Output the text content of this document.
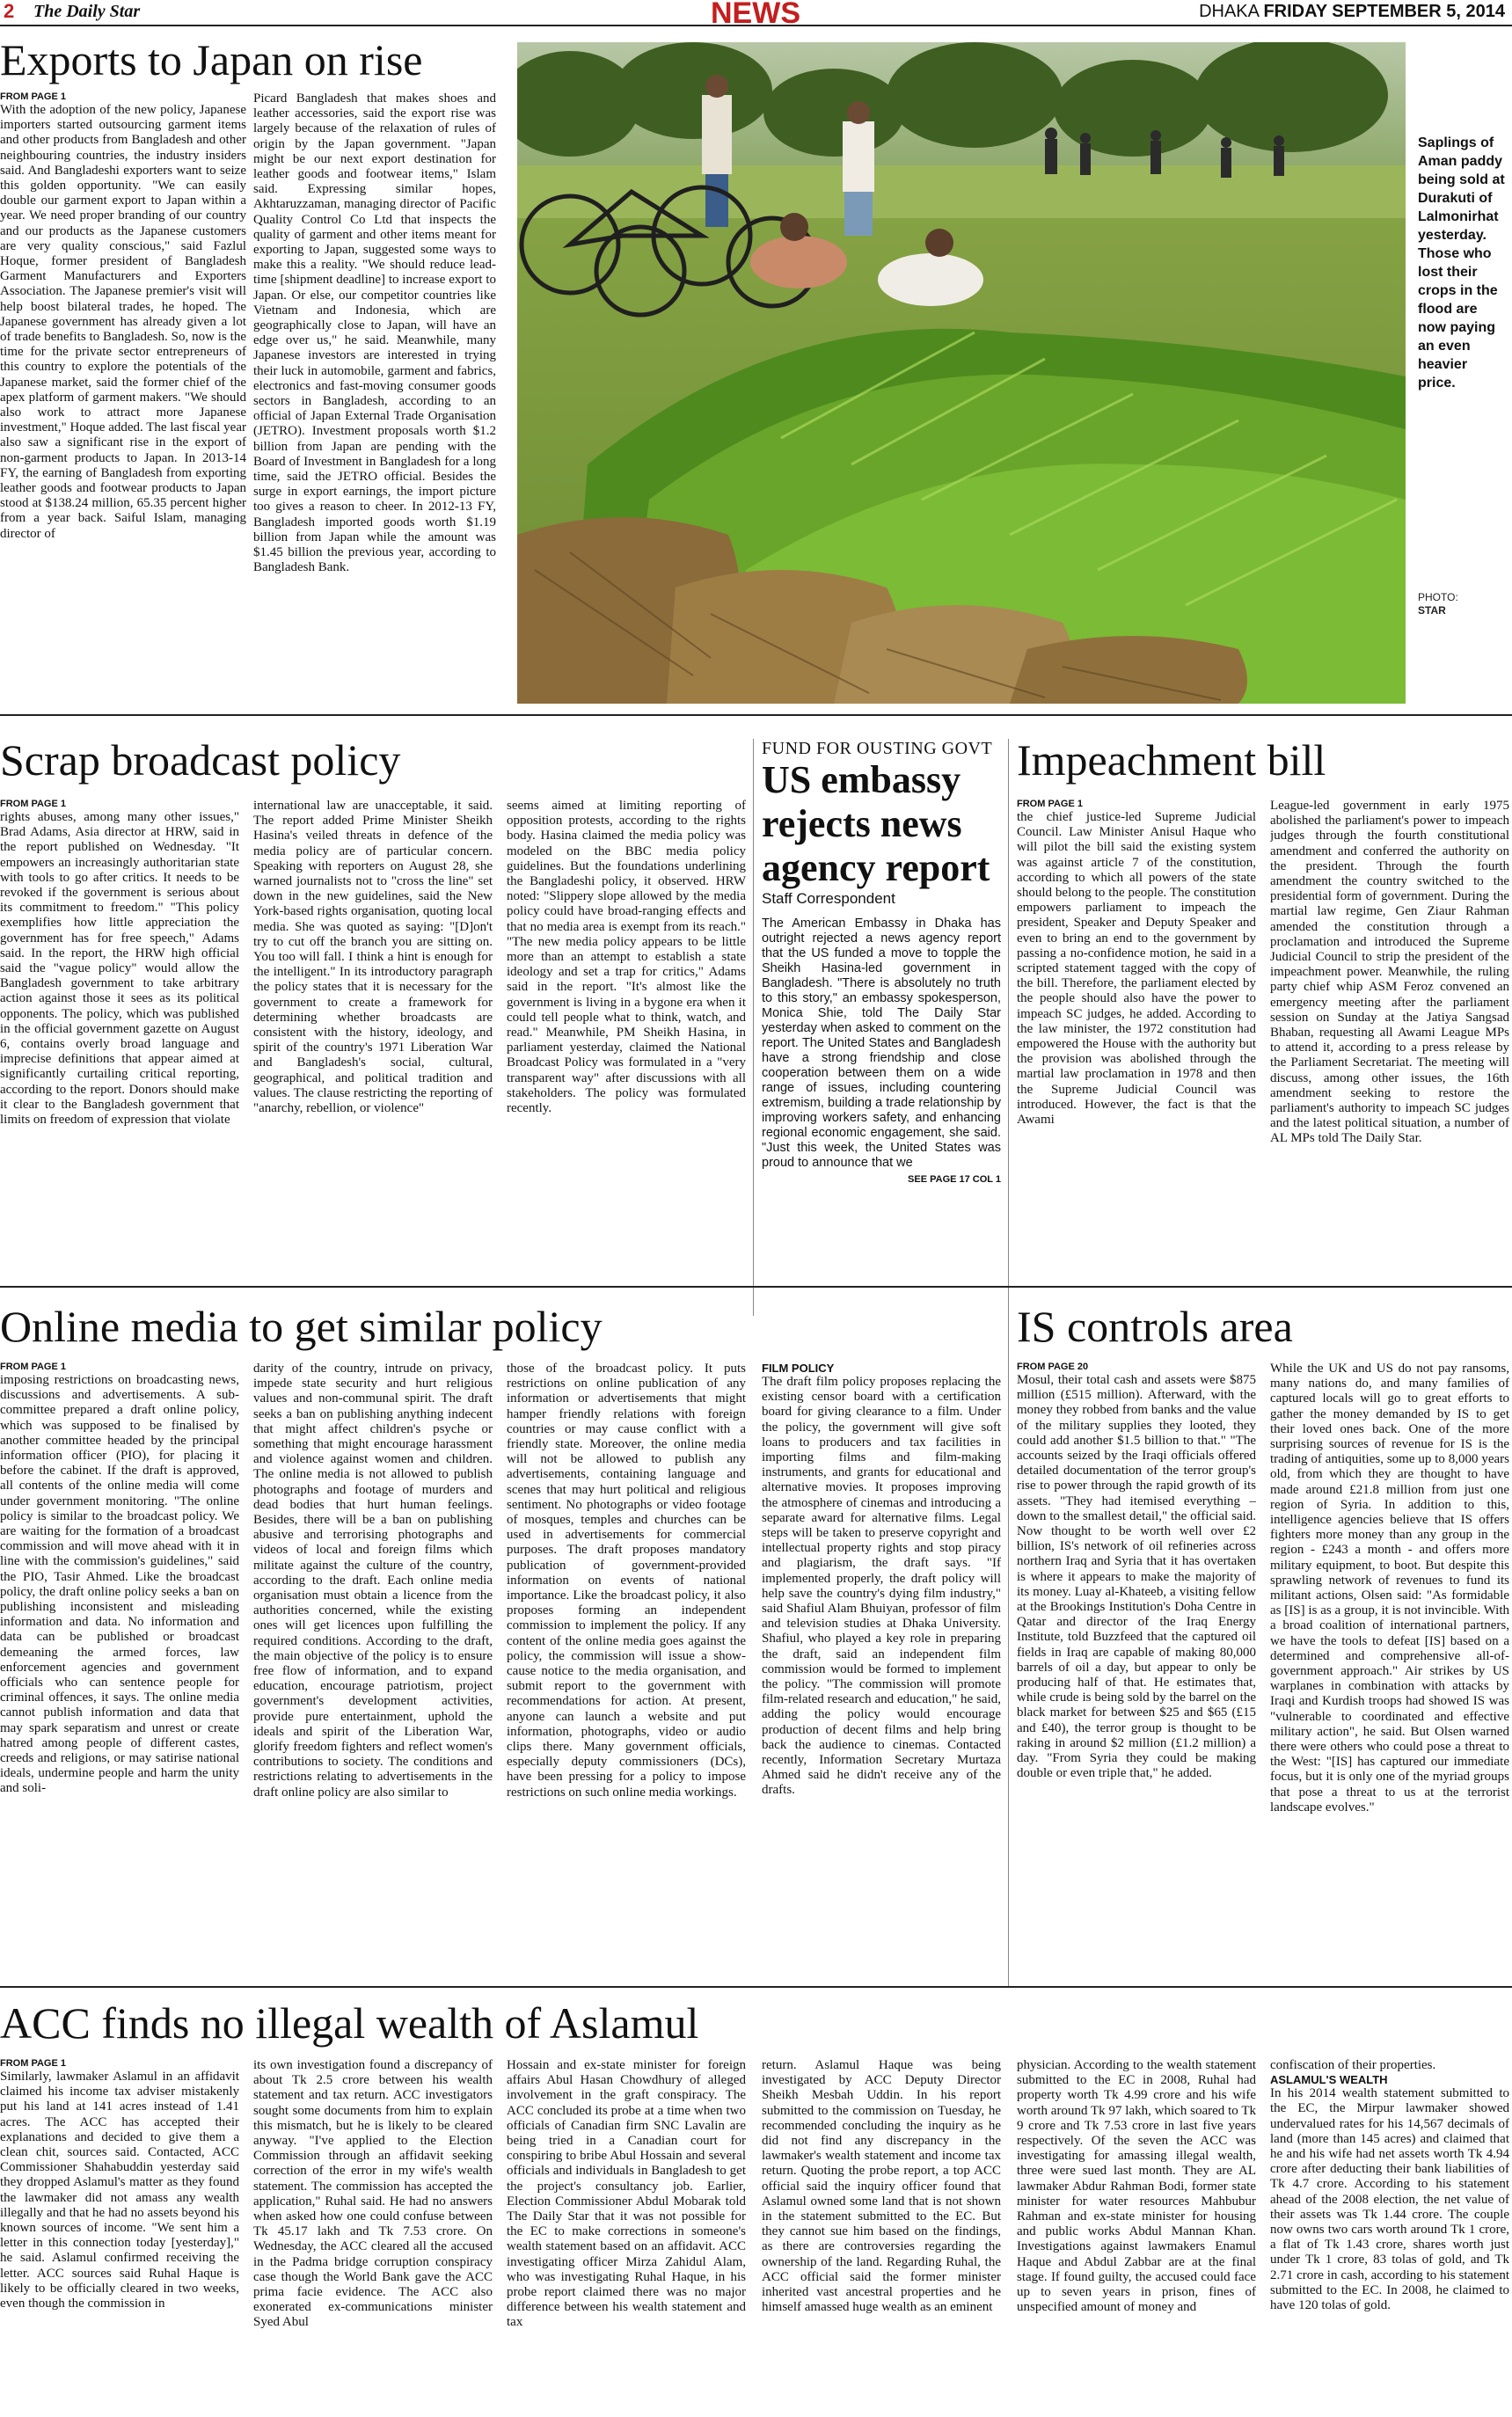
2 The Daily Star	NEWS	DHAKA FRIDAY SEPTEMBER 5, 2014
Exports to Japan on rise
FROM PAGE 1

With the adoption of the new policy, Japanese importers started outsourcing garment items and other products from Bangladesh and other neighbouring countries, the industry insiders said. And Bangladeshi exporters want to seize this golden opportunity. "We can easily double our garment export to Japan within a year. We need proper branding of our country and our products as the Japanese customers are very quality conscious," said Fazlul Hoque, former president of Bangladesh Garment Manufacturers and Exporters Association. The Japanese premier's visit will help boost bilateral trades, he hoped. The Japanese government has already given a lot of trade benefits to Bangladesh. So, now is the time for the private sector entrepreneurs of this country to explore the potentials of the Japanese market, said the former chief of the apex platform of garment makers. "We should also work to attract more Japanese investment," Hoque added. The last fiscal year also saw a significant rise in the export of non-garment products to Japan. In 2013-14 FY, the earning of Bangladesh from exporting leather goods and footwear products to Japan stood at $138.24 million, 65.35 percent higher from a year back. Saiful Islam, managing director of

Picard Bangladesh that makes shoes and leather accessories, said the export rise was largely because of the relaxation of rules of origin by the Japan government. "Japan might be our next export destination for leather goods and footwear items," Islam said. Expressing similar hopes, Akhtaruzzaman, managing director of Pacific Quality Control Co Ltd that inspects the quality of garment and other items meant for exporting to Japan, suggested some ways to make this a reality. "We should reduce lead-time [shipment deadline] to increase export to Japan. Or else, our competitor countries like Vietnam and Indonesia, which are geographically close to Japan, will have an edge over us," he said. Meanwhile, many Japanese investors are interested in trying their luck in automobile, garment and fabrics, electronics and fast-moving consumer goods sectors in Bangladesh, according to an official of Japan External Trade Organisation (JETRO). Investment proposals worth $1.2 billion from Japan are pending with the Board of Investment in Bangladesh for a long time, said the JETRO official. Besides the surge in export earnings, the import picture too gives a reason to cheer. In 2012-13 FY, Bangladesh imported goods worth $1.19 billion from Japan while the amount was $1.45 billion the previous year, according to Bangladesh Bank.

Saplings of Aman paddy being sold at Durakuti of Lalmonirhat yesterday. Those who lost their crops in the flood are now paying an even heavier price.
PHOTO:
STAR
Scrap broadcast policy
FROM PAGE 1

rights abuses, among many other issues," Brad Adams, Asia director at HRW, said in the report published on Wednesday. "It empowers an increasingly authoritarian state with tools to go after critics. It needs to be revoked if the government is serious about its commitment to freedom." "This policy exemplifies how little appreciation the government has for free speech," Adams said. In the report, the HRW high official said the "vague policy" would allow the Bangladesh government to take arbitrary action against those it sees as its political opponents. The policy, which was published in the official government gazette on August 6, contains overly broad language and imprecise definitions that appear aimed at significantly curtailing critical reporting, according to the report. Donors should make it clear to the Bangladesh government that limits on freedom of expression that violate

international law are unacceptable, it said. The report added Prime Minister Sheikh Hasina's veiled threats in defence of the media policy are of particular concern. Speaking with reporters on August 28, she warned journalists not to "cross the line" set down in the new guidelines, said the New York-based rights organisation, quoting local media. She was quoted as saying: "[D]on't try to cut off the branch you are sitting on. You too will fall. I think a hint is enough for the intelligent." In its introductory paragraph the policy states that it is necessary for the government to create a framework for determining whether broadcasts are consistent with the history, ideology, and spirit of the country's 1971 Liberation War and Bangladesh's social, cultural, geographical, and political tradition and values. The clause restricting the reporting of "anarchy, rebellion, or violence"

seems aimed at limiting reporting of opposition protests, according to the rights body. Hasina claimed the media policy was modeled on the BBC media policy guidelines. But the foundations underlining the Bangladeshi policy, it observed. HRW noted: "Slippery slope allowed by the media policy could have broad-ranging effects and that no media area is exempt from its reach." "The new media policy appears to be little more than an attempt to establish a state ideology and set a trap for critics," Adams said in the report. "It's almost like the government is living in a bygone era when it could tell people what to think, watch, and read." Meanwhile, PM Sheikh Hasina, in parliament yesterday, claimed the National Broadcast Policy was formulated in a "very transparent way" after discussions with all stakeholders. The policy was formulated recently.

FUND FOR OUSTING GOVT
US embassy rejects news agency report
Staff Correspondent

The American Embassy in Dhaka has outright rejected a news agency report that the US funded a move to topple the Sheikh Hasina-led government in Bangladesh. "There is absolutely no truth to this story," an embassy spokesperson, Monica Shie, told The Daily Star yesterday when asked to comment on the report. The United States and Bangladesh have a strong friendship and close cooperation between them on a wide range of issues, including countering extremism, building a trade relationship by improving workers safety, and enhancing regional economic engagement, she said. "Just this week, the United States was proud to announce that we

SEE PAGE 17 COL 1
Impeachment bill
FROM PAGE 1

the chief justice-led Supreme Judicial Council. Law Minister Anisul Haque who will pilot the bill said the existing system was against article 7 of the constitution, according to which all powers of the state should belong to the people. The constitution empowers parliament to impeach the president, Speaker and Deputy Speaker and even to bring an end to the government by passing a no-confidence motion, he said in a scripted statement tagged with the copy of the bill. Therefore, the parliament elected by the people should also have the power to impeach SC judges, he added. According to the law minister, the 1972 constitution had empowered the House with the authority but the provision was abolished through the martial law proclamation in 1978 and then the Supreme Judicial Council was introduced. However, the fact is that the Awami

League-led government in early 1975 abolished the parliament's power to impeach judges through the fourth constitutional amendment and conferred the authority on the president. Through the fourth amendment the country switched to the presidential form of government. During the martial law regime, Gen Ziaur Rahman amended the constitution through a proclamation and introduced the Supreme Judicial Council to strip the president of the impeachment power. Meanwhile, the ruling party chief whip ASM Feroz convened an emergency meeting after the parliament session on Sunday at the Jatiya Sangsad Bhaban, requesting all Awami League MPs to attend it, according to a press release by the Parliament Secretariat. The meeting will discuss, among other issues, the 16th amendment seeking to restore the parliament's authority to impeach SC judges and the latest political situation, a number of AL MPs told The Daily Star.

Online media to get similar policy
FROM PAGE 1

imposing restrictions on broadcasting news, discussions and advertisements. A sub-committee prepared a draft online policy, which was supposed to be finalised by another committee headed by the principal information officer (PIO), for placing it before the cabinet. If the draft is approved, all contents of the online media will come under government monitoring. "The online policy is similar to the broadcast policy. We are waiting for the formation of a broadcast commission and will move ahead with it in line with the commission's guidelines," said the PIO, Tasir Ahmed. Like the broadcast policy, the draft online policy seeks a ban on publishing inconsistent and misleading information and data. No information and data can be published or broadcast demeaning the armed forces, law enforcement agencies and government officials who can sentence people for criminal offences, it says. The online media cannot publish information and data that may spark separatism and unrest or create hatred among people of different castes, creeds and religions, or may satirise national ideals, undermine people and harm the unity and soli-

darity of the country, intrude on privacy, impede state security and hurt religious values and non-communal spirit. The draft seeks a ban on publishing anything indecent that might affect children's psyche or something that might encourage harassment and violence against women and children. The online media is not allowed to publish photographs and footage of murders and dead bodies that hurt human feelings. Besides, there will be a ban on publishing abusive and terrorising photographs and videos of local and foreign films which militate against the culture of the country, according to the draft. Each online media organisation must obtain a licence from the authorities concerned, while the existing ones will get licences upon fulfilling the required conditions. According to the draft, the main objective of the policy is to ensure free flow of information, and to expand education, encourage patriotism, project government's development activities, provide pure entertainment, uphold the ideals and spirit of the Liberation War, glorify freedom fighters and reflect women's contributions to society. The conditions and restrictions relating to advertisements in the draft online policy are also similar to

those of the broadcast policy. It puts restrictions on online publication of any information or advertisements that might hamper friendly relations with foreign countries or may cause conflict with a friendly state. Moreover, the online media will not be allowed to publish any advertisements, containing language and scenes that may hurt political and religious sentiment. No photographs or video footage of mosques, temples and churches can be used in advertisements for commercial purposes. The draft proposes mandatory publication of government-provided information on events of national importance. Like the broadcast policy, it also proposes forming an independent commission to implement the policy. If any content of the online media goes against the policy, the commission will issue a show-cause notice to the media organisation, and submit report to the government with recommendations for action. At present, anyone can launch a website and put information, photographs, video or audio clips there. Many government officials, especially deputy commissioners (DCs), have been pressing for a policy to impose restrictions on such online media workings.

FILM POLICY

The draft film policy proposes replacing the existing censor board with a certification board for giving clearance to a film. Under the policy, the government will give soft loans to producers and tax facilities in importing films and film-making instruments, and grants for educational and alternative movies. It proposes improving the atmosphere of cinemas and introducing a separate award for alternative films. Legal steps will be taken to preserve copyright and intellectual property rights and stop piracy and plagiarism, the draft says. "If implemented properly, the draft policy will help save the country's dying film industry," said Shafiul Alam Bhuiyan, professor of film and television studies at Dhaka University. Shafiul, who played a key role in preparing the draft, said an independent film commission would be formed to implement the policy. "The commission will promote film-related research and education," he said, adding the policy would encourage production of decent films and help bring back the audience to cinemas. Contacted recently, Information Secretary Murtaza Ahmed said he didn't receive any of the drafts.

IS controls area
FROM PAGE 20

Mosul, their total cash and assets were $875 million (£515 million). Afterward, with the money they robbed from banks and the value of the military supplies they looted, they could add another $1.5 billion to that." "The accounts seized by the Iraqi officials offered detailed documentation of the terror group's rise to power through the rapid growth of its assets. "They had itemised everything – down to the smallest detail," the official said. Now thought to be worth well over £2 billion, IS's network of oil refineries across northern Iraq and Syria that it has overtaken is where it appears to make the majority of its money. Luay al-Khateeb, a visiting fellow at the Brookings Institution's Doha Centre in Qatar and director of the Iraq Energy Institute, told Buzzfeed that the captured oil fields in Iraq are capable of making 80,000 barrels of oil a day, but appear to only be producing half of that. He estimates that, while crude is being sold by the barrel on the black market for between $25 and $65 (£15 and £40), the terror group is thought to be raking in around $2 million (£1.2 million) a day. "From Syria they could be making double or even triple that," he added.

While the UK and US do not pay ransoms, many nations do, and many families of captured locals will go to great efforts to gather the money demanded by IS to get their loved ones back. One of the more surprising sources of revenue for IS is the trading of antiquities, some up to 8,000 years old, from which they are thought to have made around £21.8 million from just one region of Syria. In addition to this, intelligence agencies believe that IS offers fighters more money than any group in the region - £243 a month - and offers more military equipment, to boot. But despite this sprawling network of revenues to fund its militant actions, Olsen said: "As formidable as [IS] is as a group, it is not invincible. With a broad coalition of international partners, we have the tools to defeat [IS] based on a determined and comprehensive all-of-government approach." Air strikes by US warplanes in combination with attacks by Iraqi and Kurdish troops had showed IS was "vulnerable to coordinated and effective military action", he said. But Olsen warned there were others who could pose a threat to the West: "[IS] has captured our immediate focus, but it is only one of the myriad groups that pose a threat to us at the terrorist landscape evolves."

ACC finds no illegal wealth of Aslamul
FROM PAGE 1

Similarly, lawmaker Aslamul in an affidavit claimed his income tax adviser mistakenly put his land at 141 acres instead of 1.41 acres. The ACC has accepted their explanations and decided to give them a clean chit, sources said. Contacted, ACC Commissioner Shahabuddin yesterday said they dropped Aslamul's matter as they found the lawmaker did not amass any wealth illegally and that he had no assets beyond his known sources of income. "We sent him a letter in this connection today [yesterday]," he said. Aslamul confirmed receiving the letter. ACC sources said Ruhal Haque is likely to be officially cleared in two weeks, even though the commission in

its own investigation found a discrepancy of about Tk 2.5 crore between his wealth statement and tax return. ACC investigators sought some documents from him to explain this mismatch, but he is likely to be cleared anyway. "I've applied to the Election Commission through an affidavit seeking correction of the error in my wife's wealth statement. The commission has accepted the application," Ruhal said. He had no answers when asked how one could confuse between Tk 45.17 lakh and Tk 7.53 crore. On Wednesday, the ACC cleared all the accused in the Padma bridge corruption conspiracy case though the World Bank gave the ACC prima facie evidence. The ACC also exonerated ex-communications minister Syed Abul

Hossain and ex-state minister for foreign affairs Abul Hasan Chowdhury of alleged involvement in the graft conspiracy. The ACC concluded its probe at a time when two officials of Canadian firm SNC Lavalin are being tried in a Canadian court for conspiring to bribe Abul Hossain and several officials and individuals in Bangladesh to get the project's consultancy job. Earlier, Election Commissioner Abdul Mobarak told The Daily Star that it was not possible for the EC to make corrections in someone's wealth statement based on an affidavit. ACC investigating officer Mirza Zahidul Alam, who was investigating Ruhal Haque, in his probe report claimed there was no major difference between his wealth statement and tax

return. Aslamul Haque was being investigated by ACC Deputy Director Sheikh Mesbah Uddin. In his report submitted to the commission on Tuesday, he recommended concluding the inquiry as he did not find any discrepancy in the lawmaker's wealth statement and income tax return. Quoting the probe report, a top ACC official said the inquiry officer found that Aslamul owned some land that is not shown in the statement submitted to the EC. But they cannot sue him based on the findings, as there are controversies regarding the ownership of the land. Regarding Ruhal, the ACC official said the former minister inherited vast ancestral properties and he himself amassed huge wealth as an eminent

physician. According to the wealth statement submitted to the EC in 2008, Ruhal had property worth Tk 4.99 crore and his wife worth around Tk 97 lakh, which soared to Tk 9 crore and Tk 7.53 crore in last five years respectively. Of the seven the ACC was investigating for amassing illegal wealth, three were sued last month. They are AL lawmaker Abdur Rahman Bodi, former state minister for water resources Mahbubur Rahman and ex-state minister for housing and public works Abdul Mannan Khan. Investigations against lawmakers Enamul Haque and Abdul Zabbar are at the final stage. If found guilty, the accused could face up to seven years in prison, fines of unspecified amount of money and

confiscation of their properties.

ASLAMUL'S WEALTH

In his 2014 wealth statement submitted to the EC, the Mirpur lawmaker showed undervalued rates for his 14,567 decimals of land (more than 145 acres) and claimed that he and his wife had net assets worth Tk 4.94 crore after deducting their bank liabilities of Tk 4.7 crore. According to his statement ahead of the 2008 election, the net value of their assets was Tk 1.44 crore. The couple now owns two cars worth around Tk 1 crore, a flat of Tk 1.43 crore, shares worth just under Tk 1 crore, 83 tolas of gold, and Tk 2.71 crore in cash, according to his statement submitted to the EC. In 2008, he claimed to have 120 tolas of gold.
